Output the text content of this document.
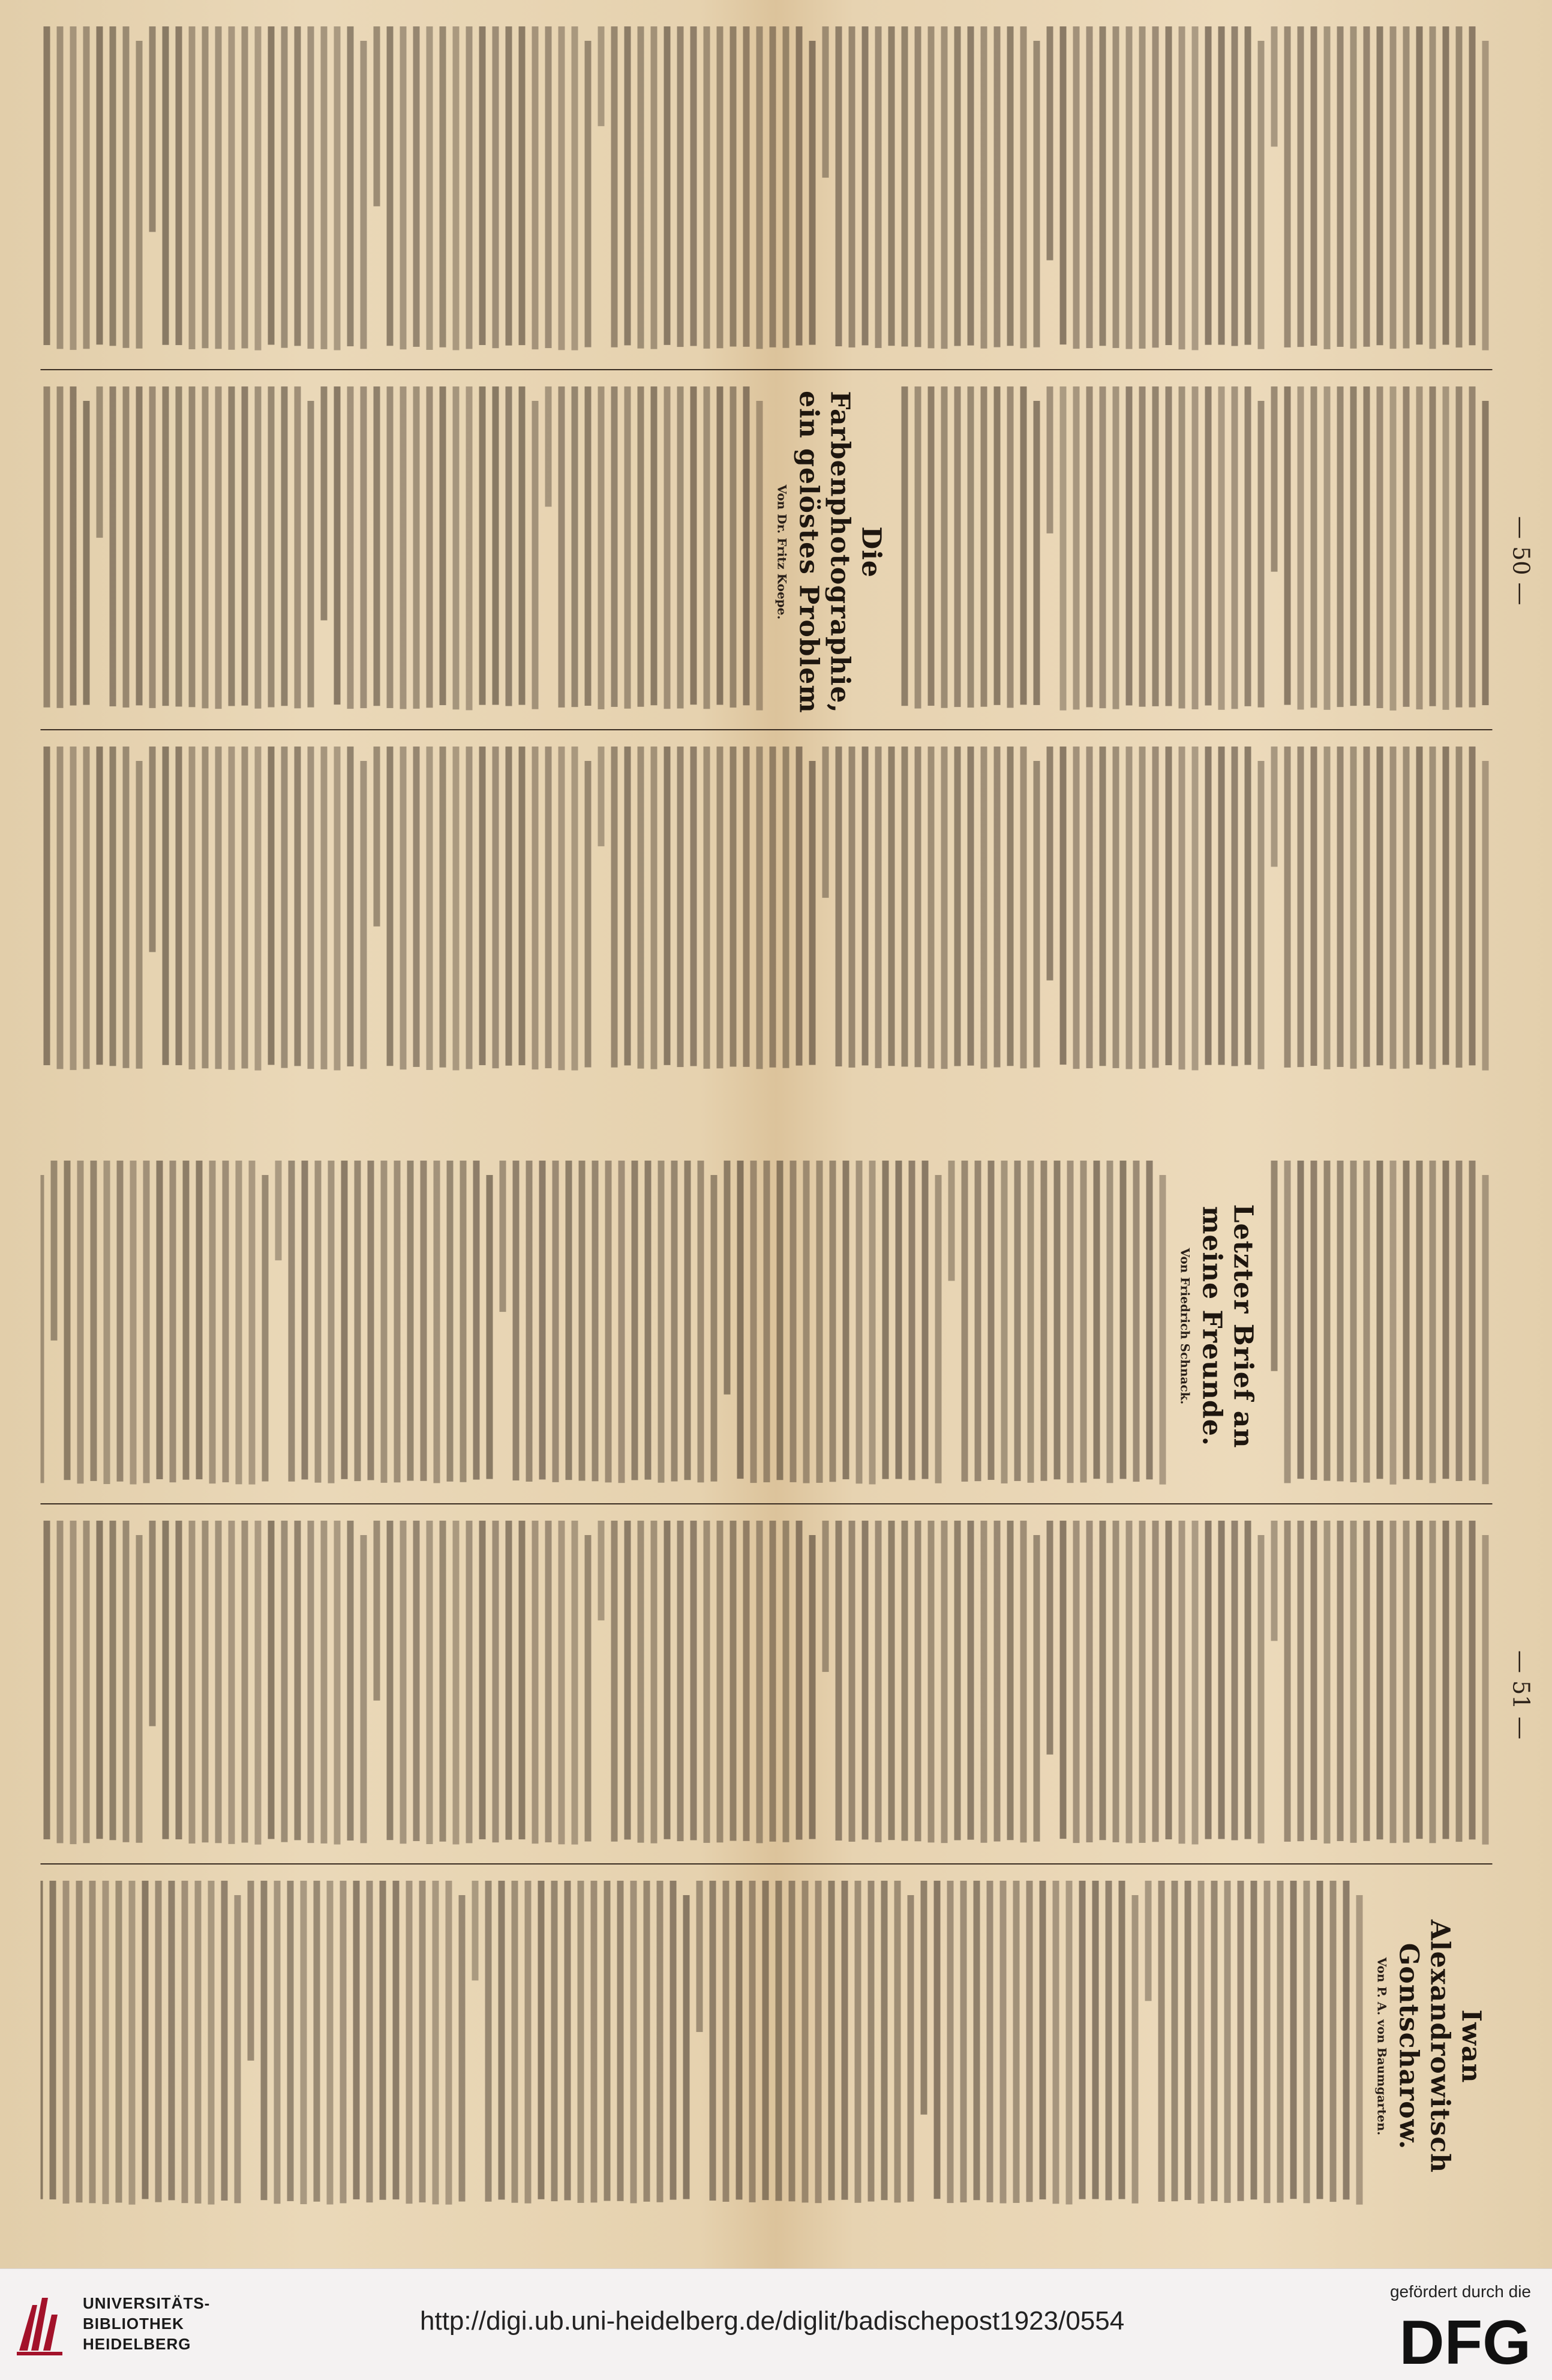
— 50 —
Die Farbenphotographie, ein gelöstes Problem
Von Dr. Fritz Koepe.
— 51 —
Letzter Brief an meine Freunde.
Von Friedrich Schnack.
Iwan Alexandrowitsch Gontscharow.
Von P. A. von Baumgarten.
UNIVERSITÄTS-
BIBLIOTHEK
HEIDELBERG
http://digi.ub.uni-heidelberg.de/diglit/badischepost1923/0554
gefördert durch die
DFG
